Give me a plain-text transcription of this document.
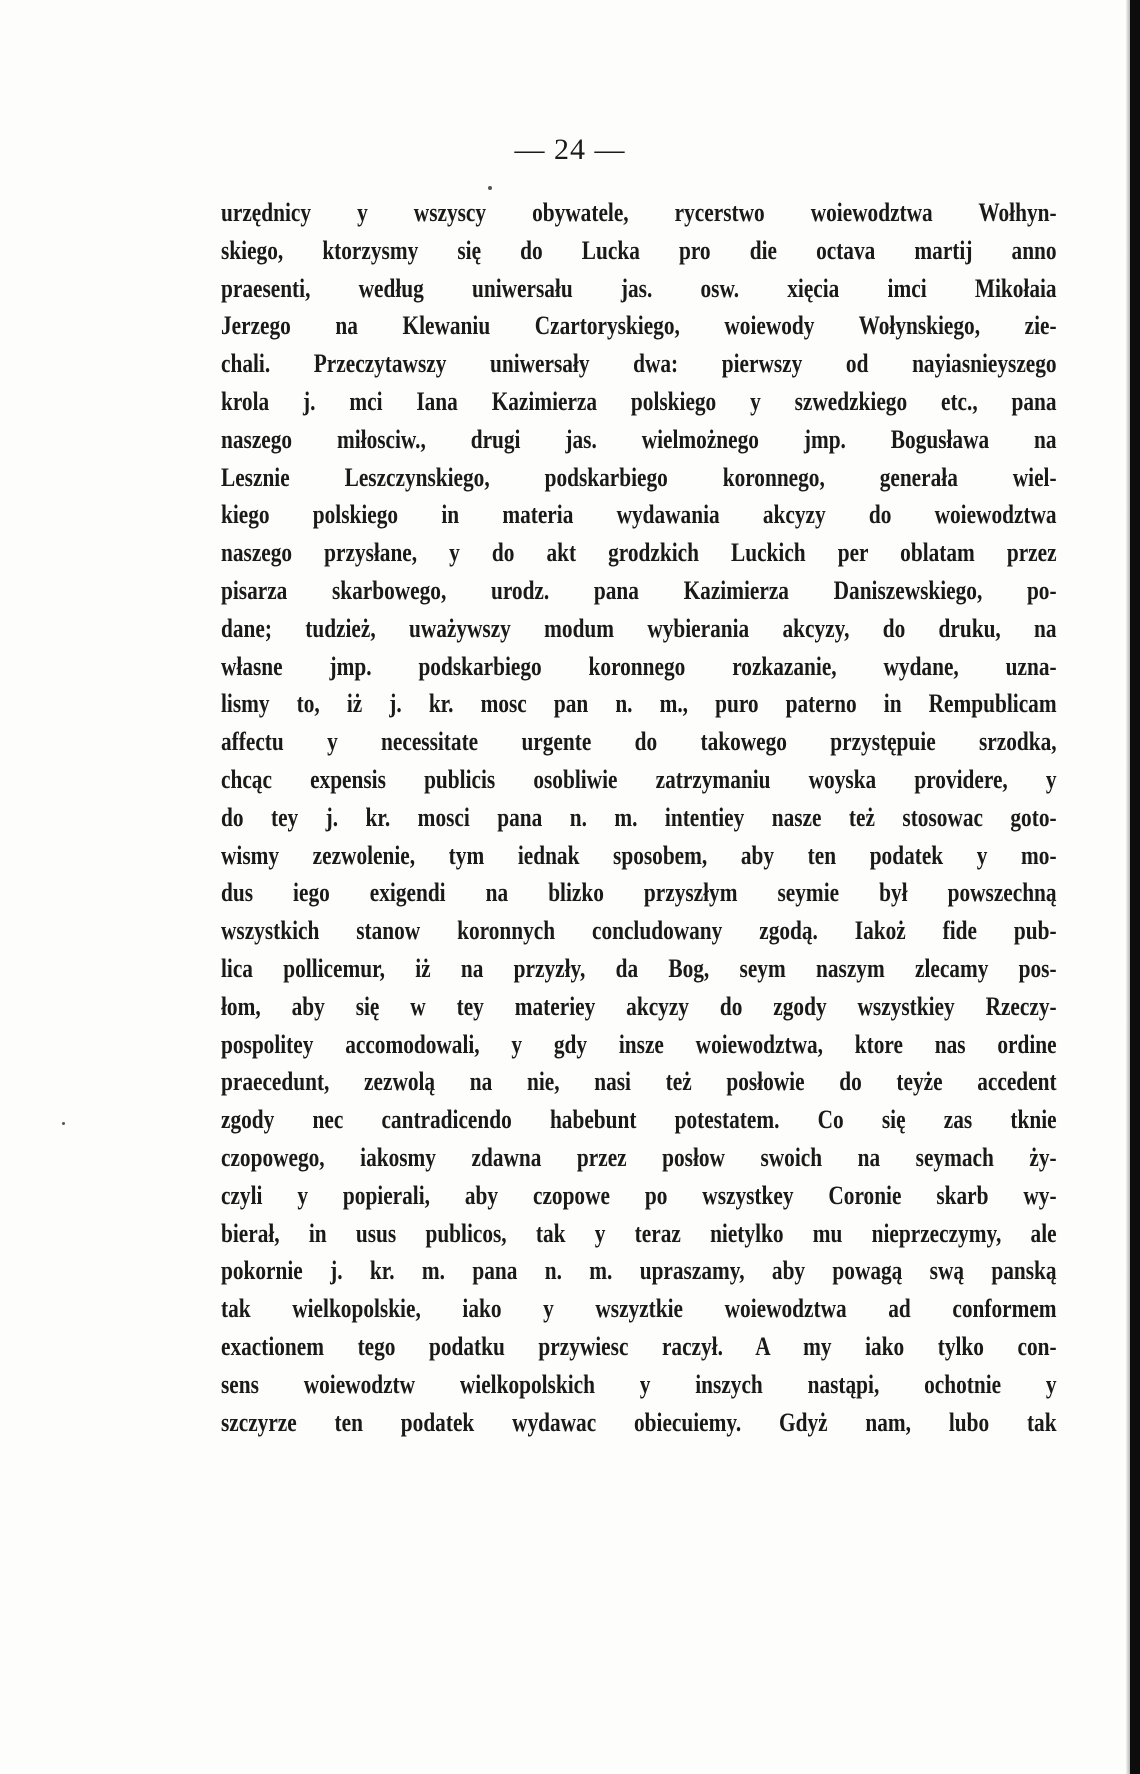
— 24 —
urzędnicy y wszyscy obywatele, rycerstwo woiewodztwa Wołhyn-
skiego, ktorzysmy się do Lucka pro die octava martij anno
praesenti, według uniwersału jas. osw. xięcia imci Mikołaia
Jerzego na Klewaniu Czartoryskiego, woiewody Wołynskiego, zie-
chali. Przeczytawszy uniwersały dwa: pierwszy od nayiasnieyszego
krola j. mci Iana Kazimierza polskiego y szwedzkiego etc., pana
naszego miłosciw., drugi jas. wielmożnego jmp. Bogusława na
Lesznie Leszczynskiego, podskarbiego koronnego, generała wiel-
kiego polskiego in materia wydawania akcyzy do woiewodztwa
naszego przysłane, y do akt grodzkich Luckich per oblatam przez
pisarza skarbowego, urodz. pana Kazimierza Daniszewskiego, po-
dane; tudzież, uważywszy modum wybierania akcyzy, do druku, na
własne jmp. podskarbiego koronnego rozkazanie, wydane, uzna-
lismy to, iż j. kr. mosc pan n. m., puro paterno in Rempublicam
affectu y necessitate urgente do takowego przystępuie srzodka,
chcąc expensis publicis osobliwie zatrzymaniu woyska providere, y
do tey j. kr. mosci pana n. m. intentiey nasze też stosowac goto-
wismy zezwolenie, tym iednak sposobem, aby ten podatek y mo-
dus iego exigendi na blizko przyszłym seymie był powszechną
wszystkich stanow koronnych concludowany zgodą. Iakoż fide pub-
lica pollicemur, iż na przyzły, da Bog, seym naszym zlecamy pos-
łom, aby się w tey materiey akcyzy do zgody wszystkiey Rzeczy-
pospolitey accomodowali, y gdy insze woiewodztwa, ktore nas ordine
praecedunt, zezwolą na nie, nasi też posłowie do teyże accedent
zgody nec cantradicendo habebunt potestatem. Co się zas tknie
czopowego, iakosmy zdawna przez posłow swoich na seymach ży-
czyli y popierali, aby czopowe po wszystkey Coronie skarb wy-
bierał, in usus publicos, tak y teraz nietylko mu nieprzeczymy, ale
pokornie j. kr. m. pana n. m. upraszamy, aby powagą swą panską
tak wielkopolskie, iako y wszyztkie woiewodztwa ad conformem
exactionem tego podatku przywiesc raczył. A my iako tylko con-
sens woiewodztw wielkopolskich y inszych nastąpi, ochotnie y
szczyrze ten podatek wydawac obiecuiemy. Gdyż nam, lubo tak
